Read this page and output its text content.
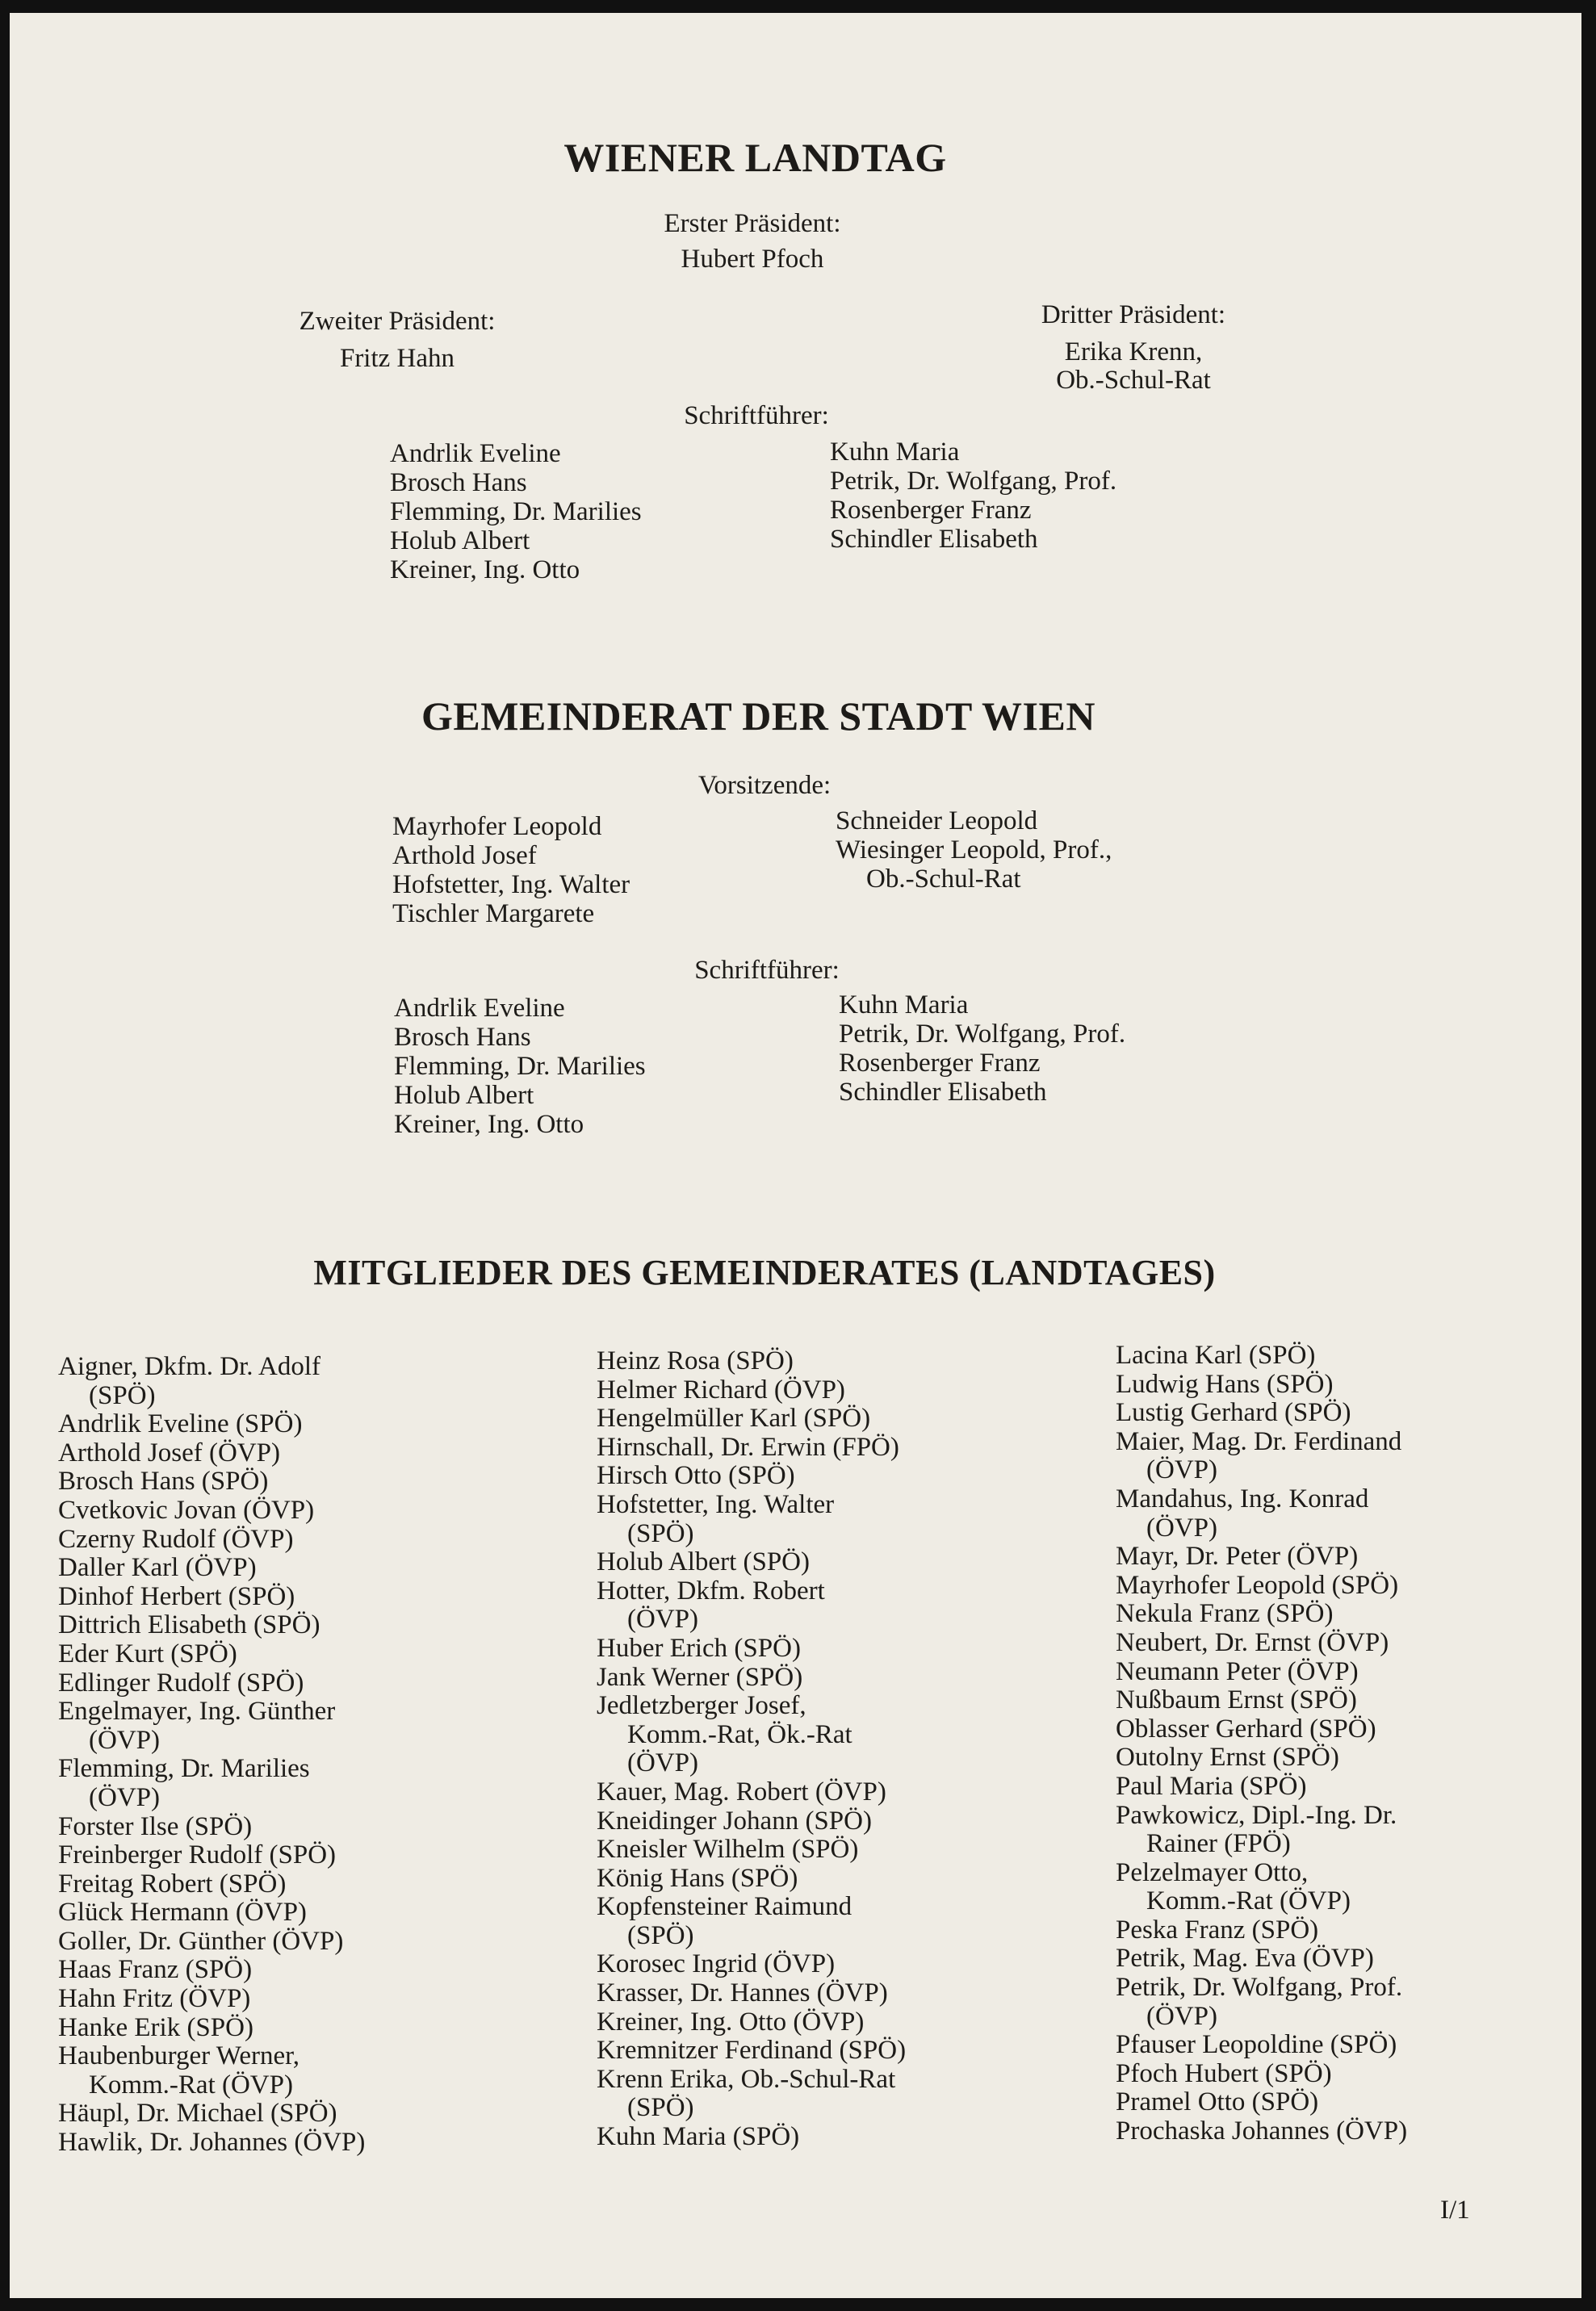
WIENER LANDTAG
Erster Präsident:
Hubert Pfoch
Zweiter Präsident:
Fritz Hahn
Dritter Präsident:
Erika Krenn,
Ob.-Schul-Rat
Schriftführer:
Andrlik Eveline
Brosch Hans
Flemming, Dr. Marilies
Holub Albert
Kreiner, Ing. Otto
Kuhn Maria
Petrik, Dr. Wolfgang, Prof.
Rosenberger Franz
Schindler Elisabeth
GEMEINDERAT DER STADT WIEN
Vorsitzende:
Mayrhofer Leopold
Arthold Josef
Hofstetter, Ing. Walter
Tischler Margarete
Schneider Leopold
Wiesinger Leopold, Prof.,
Ob.-Schul-Rat
Schriftführer:
Andrlik Eveline
Brosch Hans
Flemming, Dr. Marilies
Holub Albert
Kreiner, Ing. Otto
Kuhn Maria
Petrik, Dr. Wolfgang, Prof.
Rosenberger Franz
Schindler Elisabeth
MITGLIEDER DES GEMEINDERATES (LANDTAGES)
Aigner, Dkfm. Dr. Adolf
(SPÖ)
Andrlik Eveline (SPÖ)
Arthold Josef (ÖVP)
Brosch Hans (SPÖ)
Cvetkovic Jovan (ÖVP)
Czerny Rudolf (ÖVP)
Daller Karl (ÖVP)
Dinhof Herbert (SPÖ)
Dittrich Elisabeth (SPÖ)
Eder Kurt (SPÖ)
Edlinger Rudolf (SPÖ)
Engelmayer, Ing. Günther
(ÖVP)
Flemming, Dr. Marilies
(ÖVP)
Forster Ilse (SPÖ)
Freinberger Rudolf (SPÖ)
Freitag Robert (SPÖ)
Glück Hermann (ÖVP)
Goller, Dr. Günther (ÖVP)
Haas Franz (SPÖ)
Hahn Fritz (ÖVP)
Hanke Erik (SPÖ)
Haubenburger Werner,
Komm.-Rat (ÖVP)
Häupl, Dr. Michael (SPÖ)
Hawlik, Dr. Johannes (ÖVP)
Heinz Rosa (SPÖ)
Helmer Richard (ÖVP)
Hengelmüller Karl (SPÖ)
Hirnschall, Dr. Erwin (FPÖ)
Hirsch Otto (SPÖ)
Hofstetter, Ing. Walter
(SPÖ)
Holub Albert (SPÖ)
Hotter, Dkfm. Robert
(ÖVP)
Huber Erich (SPÖ)
Jank Werner (SPÖ)
Jedletzberger Josef,
Komm.-Rat, Ök.-Rat
(ÖVP)
Kauer, Mag. Robert (ÖVP)
Kneidinger Johann (SPÖ)
Kneisler Wilhelm (SPÖ)
König Hans (SPÖ)
Kopfensteiner Raimund
(SPÖ)
Korosec Ingrid (ÖVP)
Krasser, Dr. Hannes (ÖVP)
Kreiner, Ing. Otto (ÖVP)
Kremnitzer Ferdinand (SPÖ)
Krenn Erika, Ob.-Schul-Rat
(SPÖ)
Kuhn Maria (SPÖ)
Lacina Karl (SPÖ)
Ludwig Hans (SPÖ)
Lustig Gerhard (SPÖ)
Maier, Mag. Dr. Ferdinand
(ÖVP)
Mandahus, Ing. Konrad
(ÖVP)
Mayr, Dr. Peter (ÖVP)
Mayrhofer Leopold (SPÖ)
Nekula Franz (SPÖ)
Neubert, Dr. Ernst (ÖVP)
Neumann Peter (ÖVP)
Nußbaum Ernst (SPÖ)
Oblasser Gerhard (SPÖ)
Outolny Ernst (SPÖ)
Paul Maria (SPÖ)
Pawkowicz, Dipl.-Ing. Dr.
Rainer (FPÖ)
Pelzelmayer Otto,
Komm.-Rat (ÖVP)
Peska Franz (SPÖ)
Petrik, Mag. Eva (ÖVP)
Petrik, Dr. Wolfgang, Prof.
(ÖVP)
Pfauser Leopoldine (SPÖ)
Pfoch Hubert (SPÖ)
Pramel Otto (SPÖ)
Prochaska Johannes (ÖVP)
I/1
